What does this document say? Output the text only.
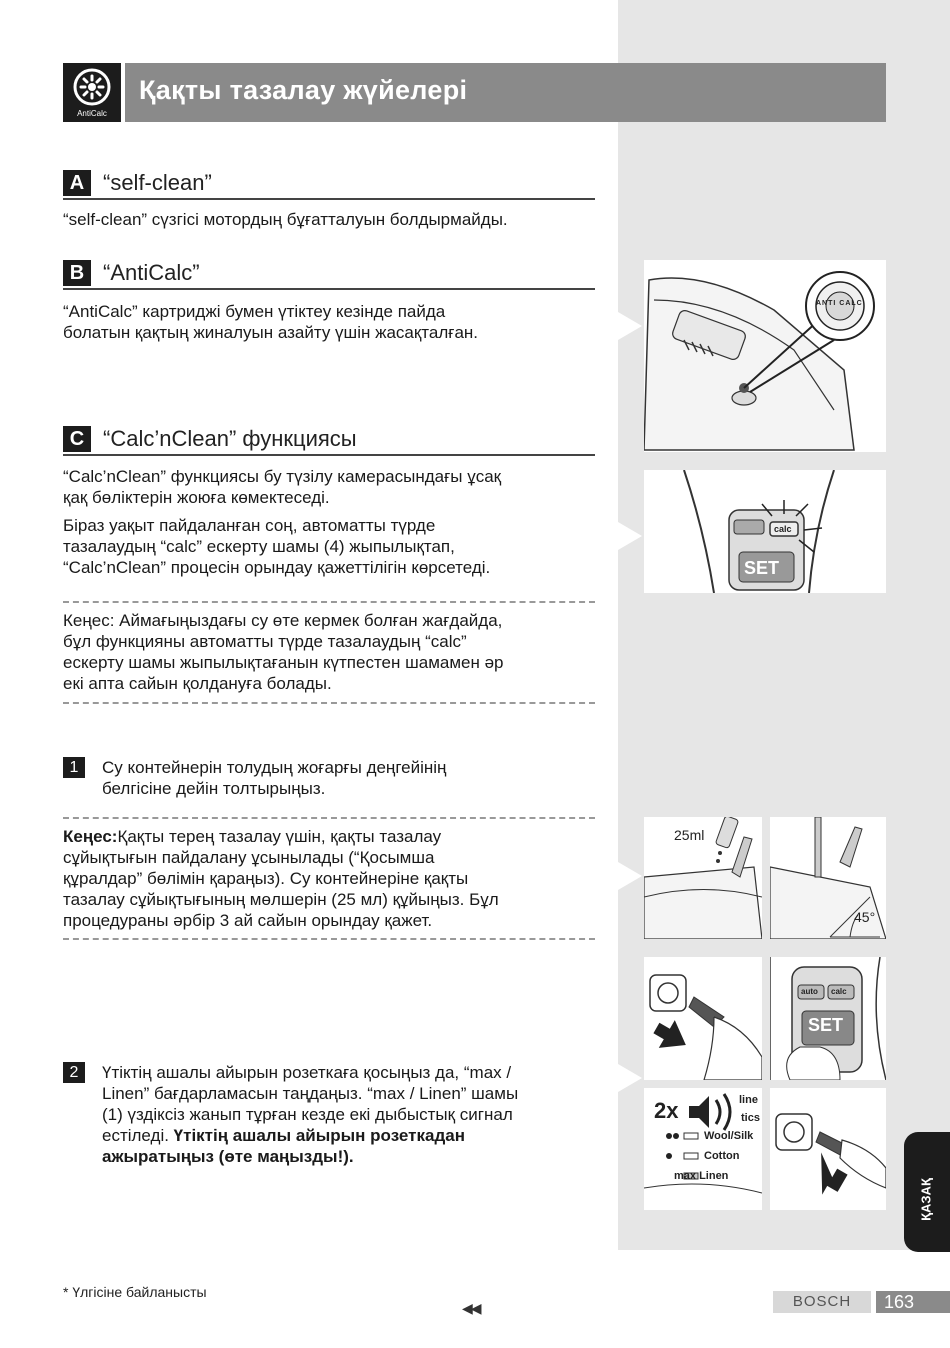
AntiCalc
Қақты тазалау жүйелері
A “self-clean”

“self-clean” сүзгісі мотордың бұғатталуын болдырмайды.

B “AntiCalc”

“AntiCalc” картриджі бумен үтіктеу кезінде пайда
болатын қақтың жиналуын азайту үшін жасақталған.

C “Calc’nClean” функциясы

“Calc’nClean” функциясы бу түзілу камерасындағы ұсақ
қақ бөліктерін жоюға көмектеседі.

Біраз уақыт пайдаланған соң, автоматты түрде
тазалаудың “calc” ескерту шамы (4) жыпылықтап,
“Calc’nClean” процесін орындау қажеттілігін көрсетеді.

Кеңес: Аймағыңыздағы су өте кермек болған жағдайда,
бұл функцияны автоматты түрде тазалаудың “calc”
ескерту шамы жыпылықтағанын күтпестен шамамен әр
екі апта сайын қолдануға болады.

1	Су контейнерін толудың жоғарғы деңгейінің
белгісіне дейін толтырыңыз.

Кеңес:Қақты терең тазалау үшін, қақты тазалау
сұйықтығын пайдалану ұсынылады (“Қосымша
құралдар” бөлімін қараңыз). Су контейнеріне қақты
тазалау сұйықтығының мөлшерін (25 мл) құйыңыз. Бұл
процедураны әрбір 3 ай сайын орындау қажет.

2	Үтіктің ашалы айырын розеткаға қосыңыз да, “max /
Linen” бағдарламасын таңдаңыз. “max / Linen” шамы
(1) үздіксіз жанып тұрған кезде екі дыбыстық сигнал
естіледі. Үтіктің ашалы айырын розеткадан
ажыратыңыз (өте маңызды!).

ANTI CALC
calc
SET
25ml
45°
auto calc
SET
2x	line
tics
Wool/Silk
Cotton
max Linen
ҚАЗАҚ
* Үлгісіне байланысты
◀◀	BOSCH	163
